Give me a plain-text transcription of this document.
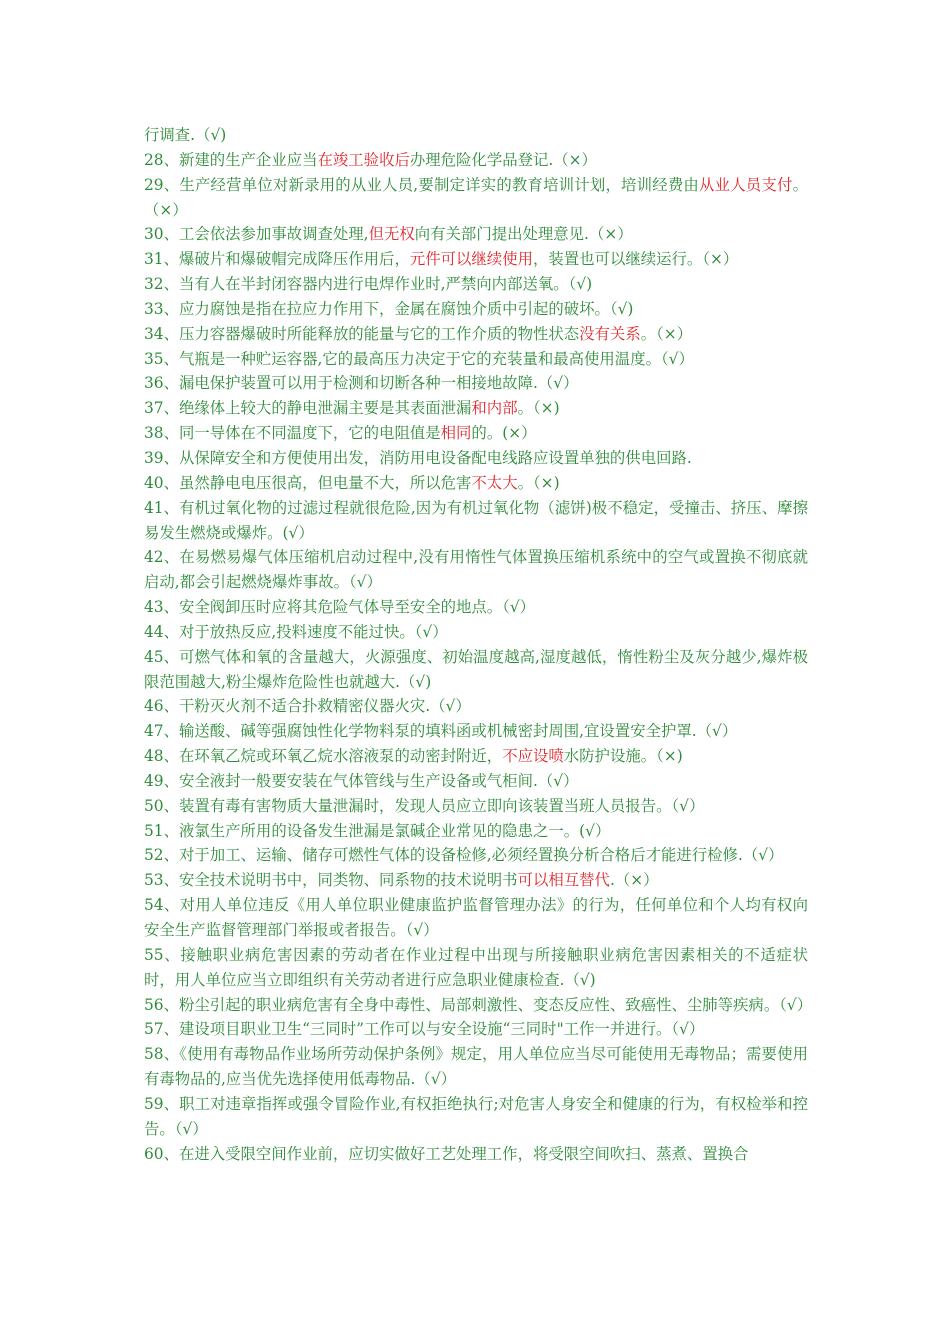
行调查.（√)

28、新建的生产企业应当在竣工验收后办理危险化学品登记.（×）

29、生产经营单位对新录用的从业人员,要制定详实的教育培训计划，培训经费由从业人员支付。（×）

30、工会依法参加事故调查处理,但无权向有关部门提出处理意见.（×）

31、爆破片和爆破帽完成降压作用后，元件可以继续使用，装置也可以继续运行。（×）

32、当有人在半封闭容器内进行电焊作业时,严禁向内部送氧。（√)

33、应力腐蚀是指在拉应力作用下，金属在腐蚀介质中引起的破坏。（√)

34、压力容器爆破时所能释放的能量与它的工作介质的物性状态没有关系。（×）

35、气瓶是一种贮运容器,它的最高压力决定于它的充装量和最高使用温度。（√）

36、漏电保护装置可以用于检测和切断各种一相接地故障.（√）

37、绝缘体上较大的静电泄漏主要是其表面泄漏和内部。（×)

38、同一导体在不同温度下，它的电阻值是相同的。(×）

39、从保障安全和方便使用出发，消防用电设备配电线路应设置单独的供电回路.

40、虽然静电电压很高，但电量不大，所以危害不太大。（×)

41、有机过氧化物的过滤过程就很危险,因为有机过氧化物（滤饼)极不稳定，受撞击、挤压、摩擦易发生燃烧或爆炸。(√）

42、在易燃易爆气体压缩机启动过程中,没有用惰性气体置换压缩机系统中的空气或置换不彻底就启动,都会引起燃烧爆炸事故。（√）

43、安全阀卸压时应将其危险气体导至安全的地点。（√）

44、对于放热反应,投料速度不能过快。（√）

45、可燃气体和氧的含量越大，火源强度、初始温度越高,湿度越低，惰性粉尘及灰分越少,爆炸极限范围越大,粉尘爆炸危险性也就越大.（√)

46、干粉灭火剂不适合扑救精密仪器火灾.（√）

47、输送酸、碱等强腐蚀性化学物料泵的填料函或机械密封周围,宜设置安全护罩.（√）

48、在环氧乙烷或环氧乙烷水溶液泵的动密封附近，不应设喷水防护设施。（×)

49、安全液封一般要安装在气体管线与生产设备或气柜间.（√）

50、装置有毒有害物质大量泄漏时，发现人员应立即向该装置当班人员报告。（√）

51、液氯生产所用的设备发生泄漏是氯碱企业常见的隐患之一。(√）

52、对于加工、运输、储存可燃性气体的设备检修,必须经置换分析合格后才能进行检修.（√）

53、安全技术说明书中，同类物、同系物的技术说明书可以相互替代.（×）

54、对用人单位违反《用人单位职业健康监护监督管理办法》的行为，任何单位和个人均有权向安全生产监督管理部门举报或者报告。（√）

55、接触职业病危害因素的劳动者在作业过程中出现与所接触职业病危害因素相关的不适症状时，用人单位应当立即组织有关劳动者进行应急职业健康检查.（√)

56、粉尘引起的职业病危害有全身中毒性、局部刺激性、变态反应性、致癌性、尘肺等疾病。（√）

57、建设项目职业卫生“三同时”工作可以与安全设施“三同时"工作一并进行。（√）

58、《使用有毒物品作业场所劳动保护条例》规定，用人单位应当尽可能使用无毒物品；需要使用有毒物品的,应当优先选择使用低毒物品.（√）

59、职工对违章指挥或强令冒险作业,有权拒绝执行;对危害人身安全和健康的行为，有权检举和控告。（√）

60、在进入受限空间作业前，应切实做好工艺处理工作，将受限空间吹扫、蒸煮、置换合
